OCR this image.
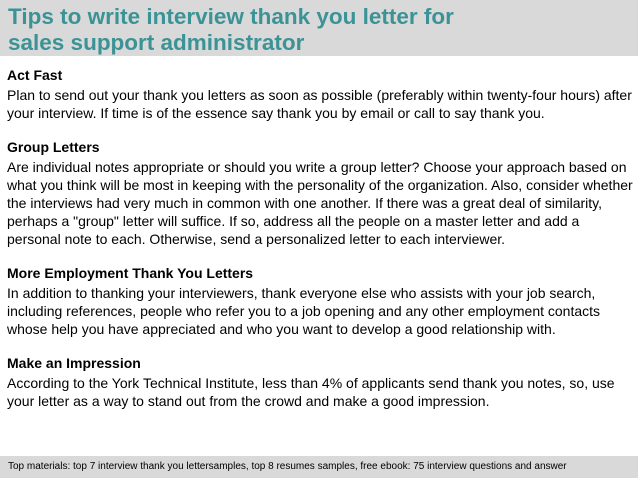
Tips to write interview thank you letter for
sales support administrator

Act Fast

Plan to send out your thank you letters as soon as possible (preferably within twenty-four hours) after your interview. If time is of the essence say thank you by email or call to say thank you.

Group Letters

Are individual notes appropriate or should you write a group letter? Choose your approach based on what you think will be most in keeping with the personality of the organization. Also, consider whether the interviews had very much in common with one another. If there was a great deal of similarity, perhaps a "group" letter will suffice. If so, address all the people on a master letter and add a personal note to each. Otherwise, send a personalized letter to each interviewer.

More Employment Thank You Letters

In addition to thanking your interviewers, thank everyone else who assists with your job search, including references, people who refer you to a job opening and any other employment contacts whose help you have appreciated and who you want to develop a good relationship with.

Make an Impression

According to the York Technical Institute, less than 4% of applicants send thank you notes, so, use your letter as a way to stand out from the crowd and make a good impression.

Top materials: top 7 interview thank you lettersamples, top 8 resumes samples, free ebook: 75 interview questions and answer
